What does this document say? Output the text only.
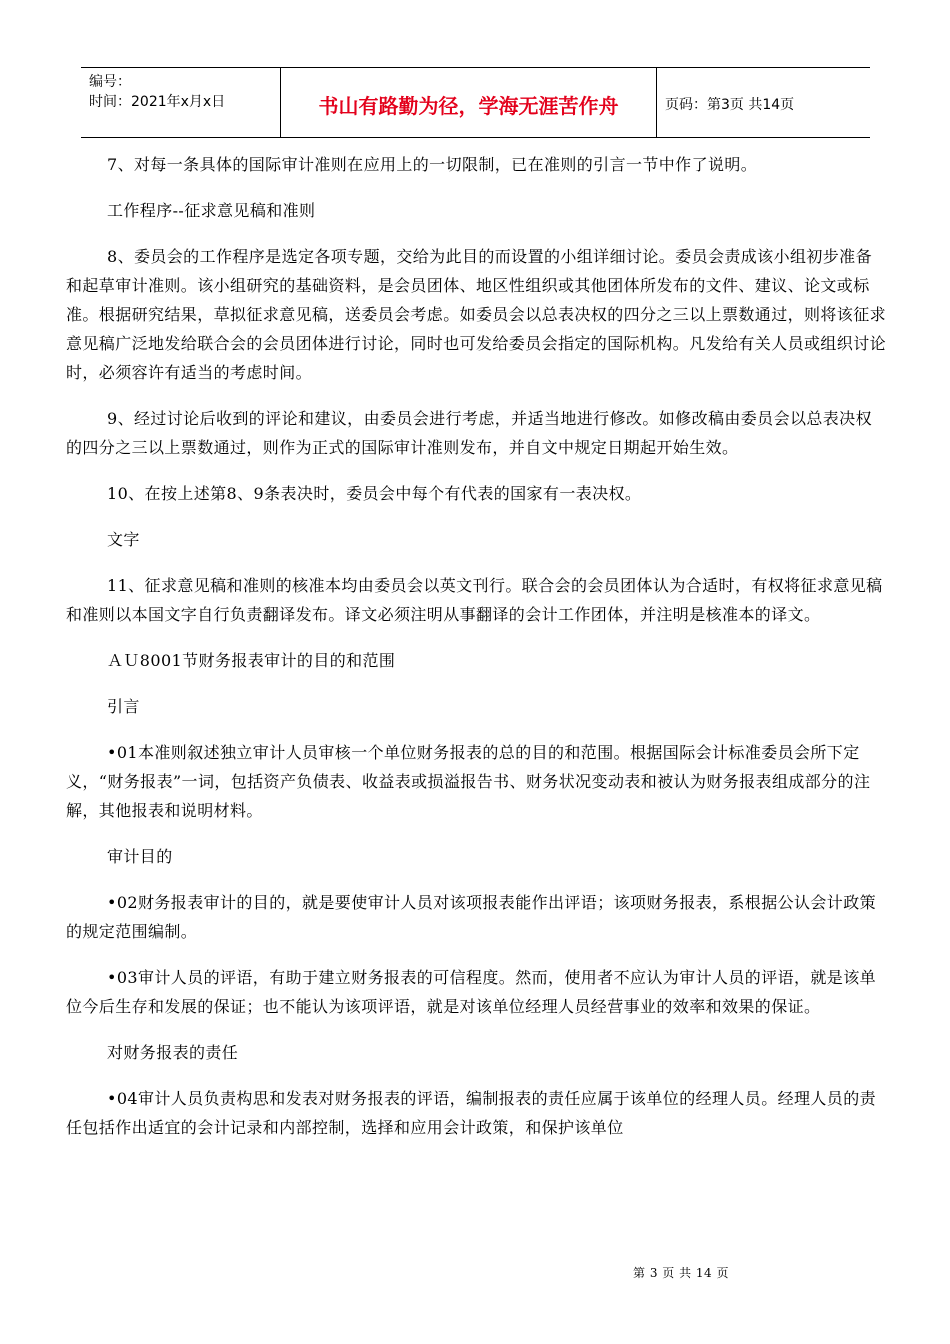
编号：
时间：2021年x月x日	书山有路勤为径，学海无涯苦作舟	页码：第3页 共14页

7、对每一条具体的国际审计准则在应用上的一切限制，已在准则的引言一节中作了说明。

工作程序--征求意见稿和准则

8、委员会的工作程序是选定各项专题，交给为此目的而设置的小组详细讨论。委员会责成该小组初步准备和起草审计准则。该小组研究的基础资料，是会员团体、地区性组织或其他团体所发布的文件、建议、论文或标准。根据研究结果，草拟征求意见稿，送委员会考虑。如委员会以总表决权的四分之三以上票数通过，则将该征求意见稿广泛地发给联合会的会员团体进行讨论，同时也可发给委员会指定的国际机构。凡发给有关人员或组织讨论时，必须容许有适当的考虑时间。

9、经过讨论后收到的评论和建议，由委员会进行考虑，并适当地进行修改。如修改稿由委员会以总表决权的四分之三以上票数通过，则作为正式的国际审计准则发布，并自文中规定日期起开始生效。

10、在按上述第8、9条表决时，委员会中每个有代表的国家有一表决权。

文字

11、征求意见稿和准则的核准本均由委员会以英文刊行。联合会的会员团体认为合适时，有权将征求意见稿和准则以本国文字自行负责翻译发布。译文必须注明从事翻译的会计工作团体，并注明是核准本的译文。

ＡＵ8001节财务报表审计的目的和范围

引言

•01本准则叙述独立审计人员审核一个单位财务报表的总的目的和范围。根据国际会计标准委员会所下定义，“财务报表”一词，包括资产负债表、收益表或损溢报告书、财务状况变动表和被认为财务报表组成部分的注解，其他报表和说明材料。

审计目的

•02财务报表审计的目的，就是要使审计人员对该项报表能作出评语；该项财务报表，系根据公认会计政策的规定范围编制。

•03审计人员的评语，有助于建立财务报表的可信程度。然而，使用者不应认为审计人员的评语，就是该单位今后生存和发展的保证；也不能认为该项评语，就是对该单位经理人员经营事业的效率和效果的保证。

对财务报表的责任

•04审计人员负责构思和发表对财务报表的评语，编制报表的责任应属于该单位的经理人员。经理人员的责任包括作出适宜的会计记录和内部控制，选择和应用会计政策，和保护该单位

第 3 页 共 14 页
